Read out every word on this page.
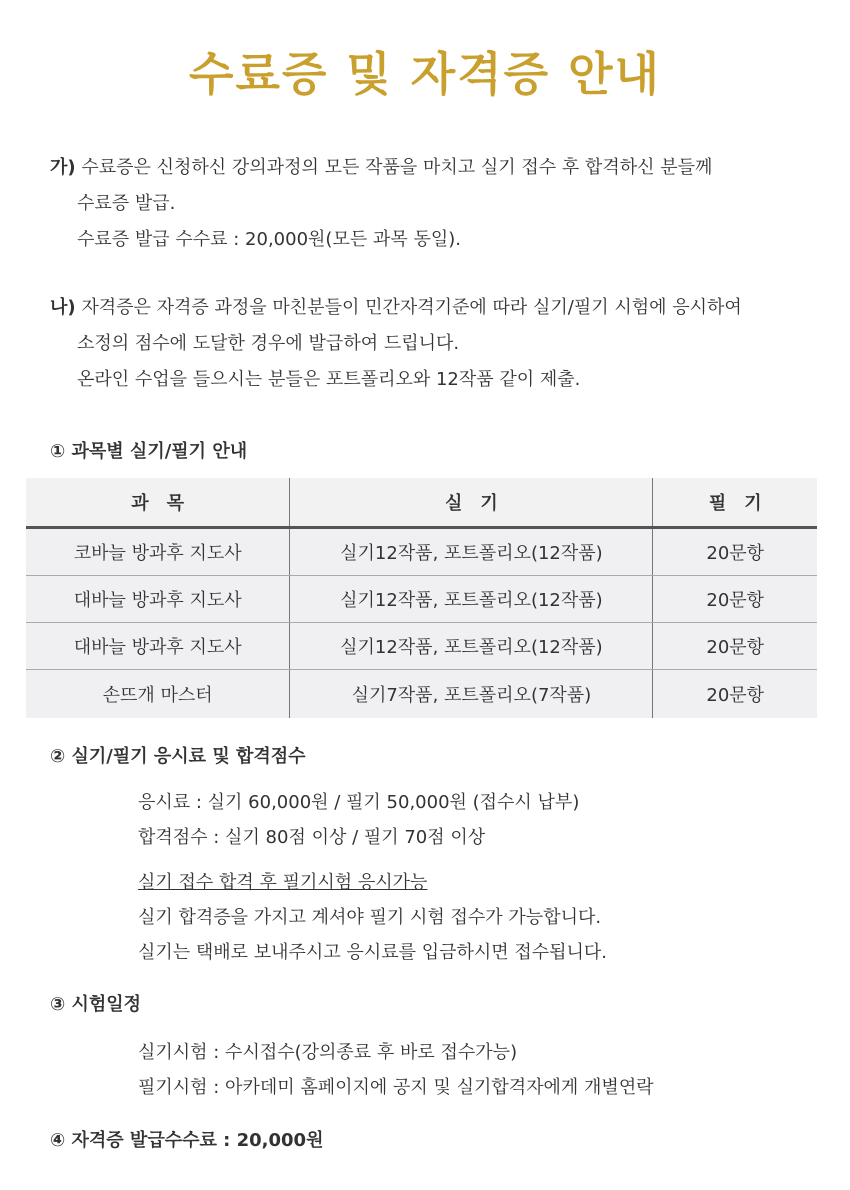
수료증 및 자격증 안내
가) 수료증은 신청하신 강의과정의 모든 작품을 마치고 실기 접수 후 합격하신 분들께
수료증 발급.
수료증 발급 수수료 : 20,000원(모든 과목 동일).
나) 자격증은 자격증 과정을 마친분들이 민간자격기준에 따라 실기/필기 시험에 응시하여
소정의 점수에 도달한 경우에 발급하여 드립니다.
온라인 수업을 들으시는 분들은 포트폴리오와 12작품 같이 제출.
① 과목별 실기/필기 안내
과　목	실　기	필　기
코바늘 방과후 지도사	실기12작품, 포트폴리오(12작품)	20문항
대바늘 방과후 지도사	실기12작품, 포트폴리오(12작품)	20문항
대바늘 방과후 지도사	실기12작품, 포트폴리오(12작품)	20문항
손뜨개 마스터	실기7작품, 포트폴리오(7작품)	20문항
② 실기/필기 응시료 및 합격점수
응시료 : 실기 60,000원 / 필기 50,000원 (접수시 납부)
합격점수 : 실기 80점 이상 / 필기 70점 이상
실기 접수 합격 후 필기시험 응시가능
실기 합격증을 가지고 계셔야 필기 시험 접수가 가능합니다.
실기는 택배로 보내주시고 응시료를 입금하시면 접수됩니다.
③ 시험일정
실기시험 : 수시접수(강의종료 후 바로 접수가능)
필기시험 : 아카데미 홈페이지에 공지 및 실기합격자에게 개별연락
④ 자격증 발급수수료 : 20,000원
